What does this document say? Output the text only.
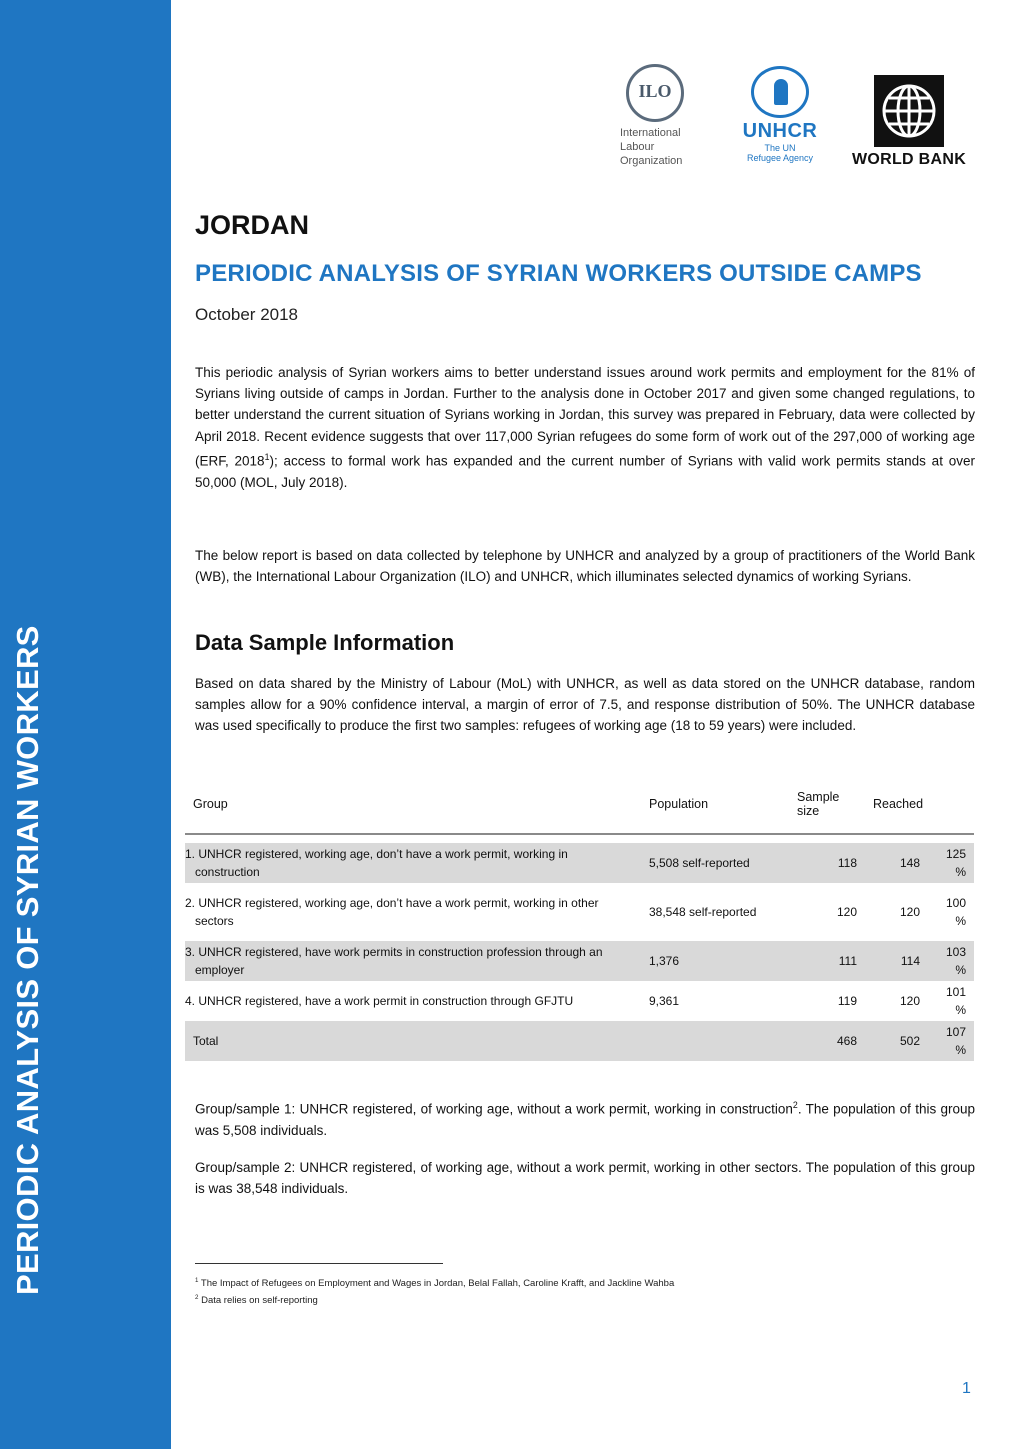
PERIODIC ANALYSIS OF SYRIAN WORKERS
ILO
International
Labour
Organization
UNHCR
The UN
Refugee Agency	WORLD BANK
JORDAN
PERIODIC ANALYSIS OF SYRIAN WORKERS OUTSIDE CAMPS
October 2018
This periodic analysis of Syrian workers aims to better understand issues around work permits and employment for the 81% of Syrians living outside of camps in Jordan. Further to the analysis done in October 2017 and given some changed regulations, to better understand the current situation of Syrians working in Jordan, this survey was prepared in February, data were collected by April 2018. Recent evidence suggests that over 117,000 Syrian refugees do some form of work out of the 297,000 of working age (ERF, 2018$^1$); access to formal work has expanded and the current number of Syrians with valid work permits stands at over 50,000 (MOL, July 2018).
The below report is based on data collected by telephone by UNHCR and analyzed by a group of practitioners of the World Bank (WB), the International Labour Organization (ILO) and UNHCR, which illuminates selected dynamics of working Syrians.
Data Sample Information
Based on data shared by the Ministry of Labour (MoL) with UNHCR, as well as data stored on the UNHCR database, random samples allow for a 90% confidence interval, a margin of error of 7.5, and response distribution of 50%. The UNHCR database was used specifically to produce the first two samples: refugees of working age (18 to 59 years) were included.
Group	Population	Sample size	Reached	

1. UNHCR registered, working age, don’t have a work permit, working in construction	5,508 self-reported	118	148	125 %
2. UNHCR registered, working age, don’t have a work permit, working in other sectors	38,548 self-reported	120	120	100 %
3. UNHCR registered, have work permits in construction profession through an employer	1,376	111	114	103 %
4. UNHCR registered, have a work permit in construction through GFJTU	9,361	119	120	101 %
Total		468	502	107 %
Group/sample 1: UNHCR registered, of working age, without a work permit, working in construction$^2$. The population of this group was 5,508 individuals.
Group/sample 2: UNHCR registered, of working age, without a work permit, working in other sectors. The population of this group is was 38,548 individuals.
$^1$ The Impact of Refugees on Employment and Wages in Jordan, Belal Fallah, Caroline Krafft, and Jackline Wahba
$^2$ Data relies on self-reporting
1
